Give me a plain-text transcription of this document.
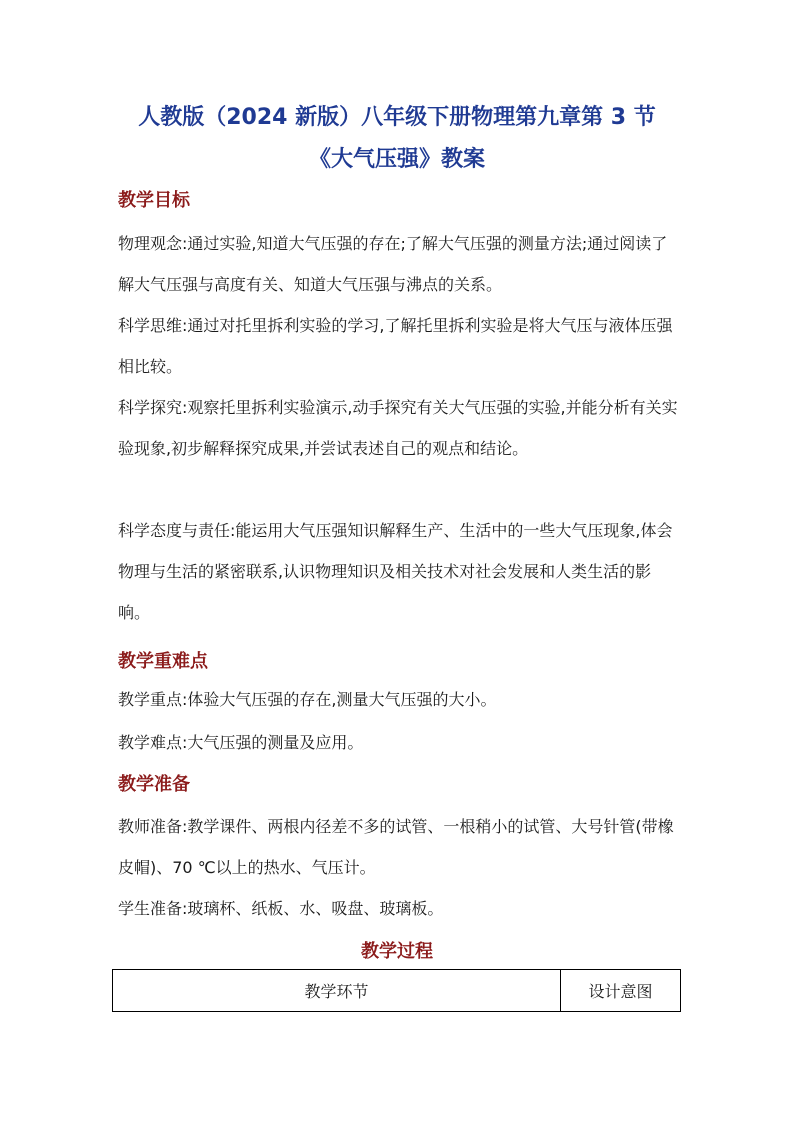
人教版（2024 新版）八年级下册物理第九章第 3 节
《大气压强》教案
教学目标

物理观念:通过实验,知道大气压强的存在;了解大气压强的测量方法;通过阅读了解大气压强与高度有关、知道大气压强与沸点的关系。

科学思维:通过对托里拆利实验的学习,了解托里拆利实验是将大气压与液体压强相比较。

科学探究:观察托里拆利实验演示,动手探究有关大气压强的实验,并能分析有关实验现象,初步解释探究成果,并尝试表述自己的观点和结论。

科学态度与责任:能运用大气压强知识解释生产、生活中的一些大气压现象,体会物理与生活的紧密联系,认识物理知识及相关技术对社会发展和人类生活的影响。

教学重难点

教学重点:体验大气压强的存在,测量大气压强的大小。

教学难点:大气压强的测量及应用。

教学准备

教师准备:教学课件、两根内径差不多的试管、一根稍小的试管、大号针管(带橡皮帽)、70 ℃以上的热水、气压计。

学生准备:玻璃杯、纸板、水、吸盘、玻璃板。

教学过程
教学环节	设计意图
